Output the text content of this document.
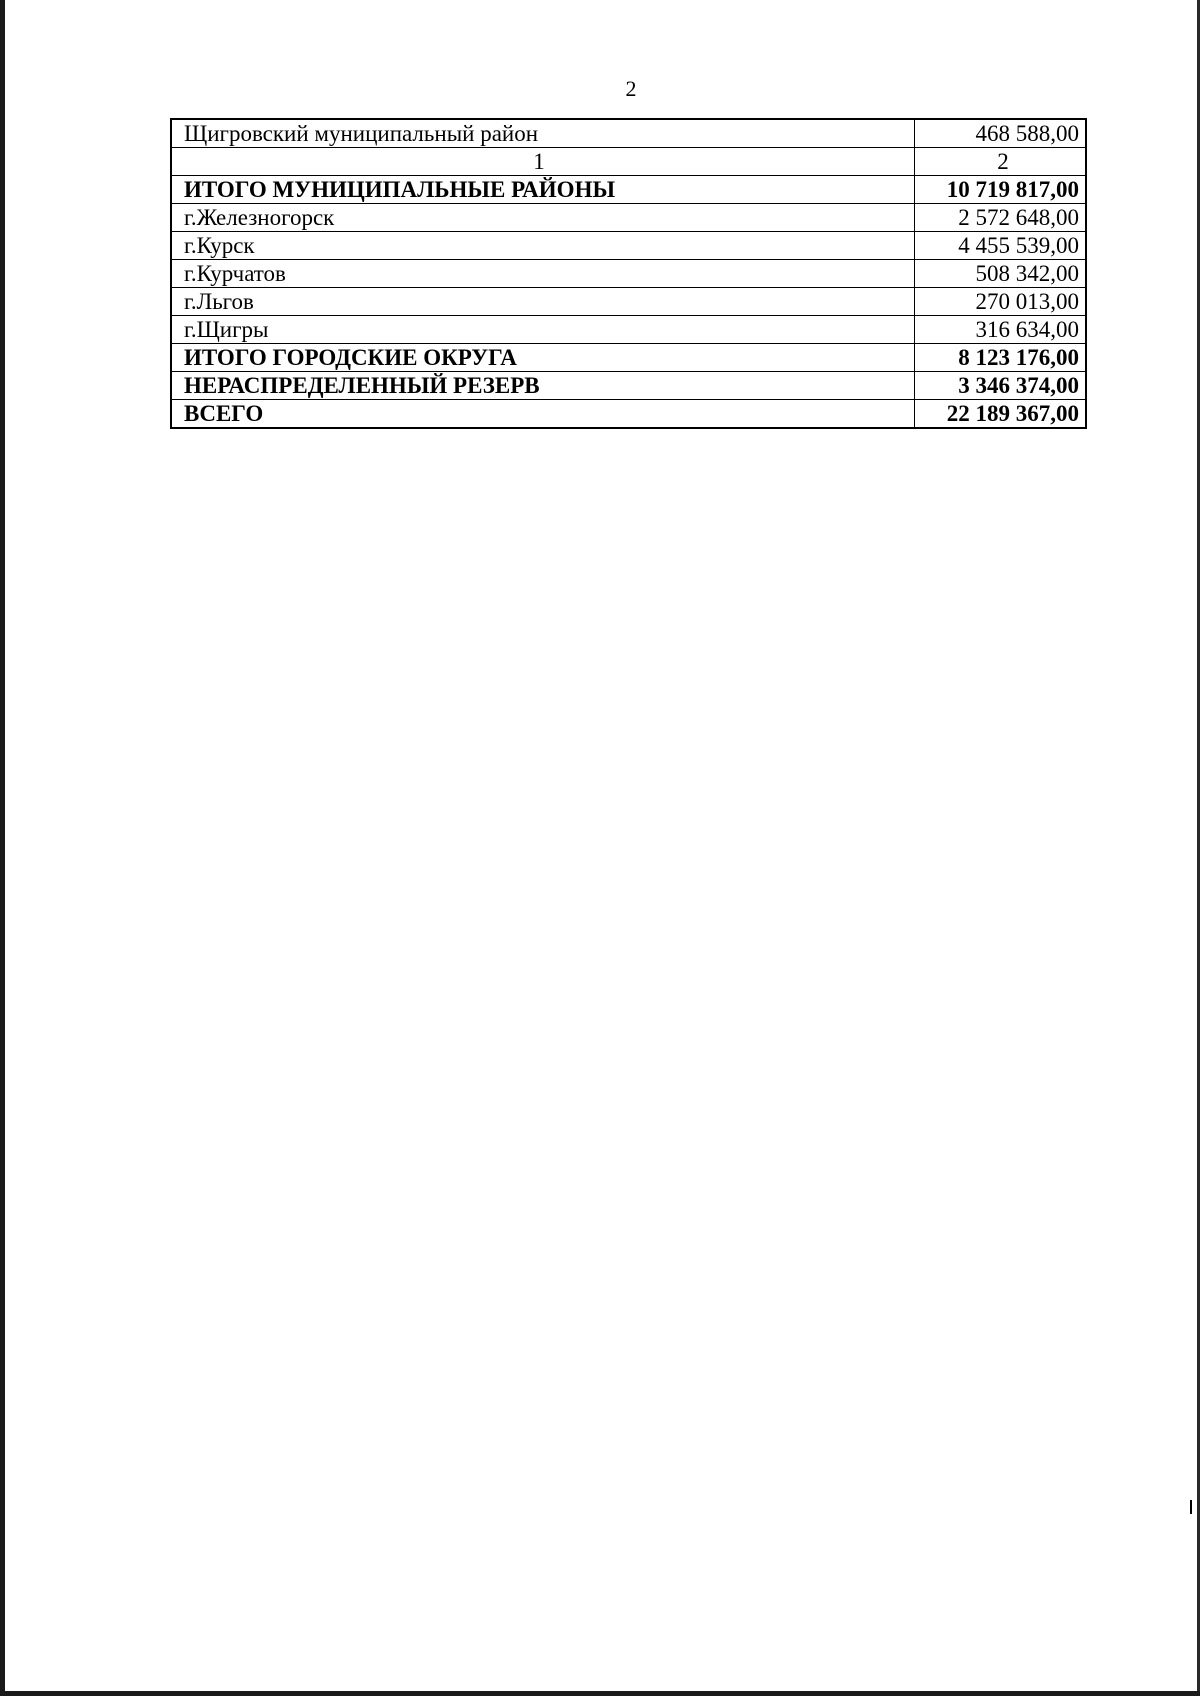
2
Щигровский муниципальный район	468 588,00
1	2
ИТОГО МУНИЦИПАЛЬНЫЕ РАЙОНЫ	10 719 817,00
г.Железногорск	2 572 648,00
г.Курск	4 455 539,00
г.Курчатов	508 342,00
г.Льгов	270 013,00
г.Щигры	316 634,00
ИТОГО ГОРОДСКИЕ ОКРУГА	8 123 176,00
НЕРАСПРЕДЕЛЕННЫЙ РЕЗЕРВ	3 346 374,00
ВСЕГО	22 189 367,00
